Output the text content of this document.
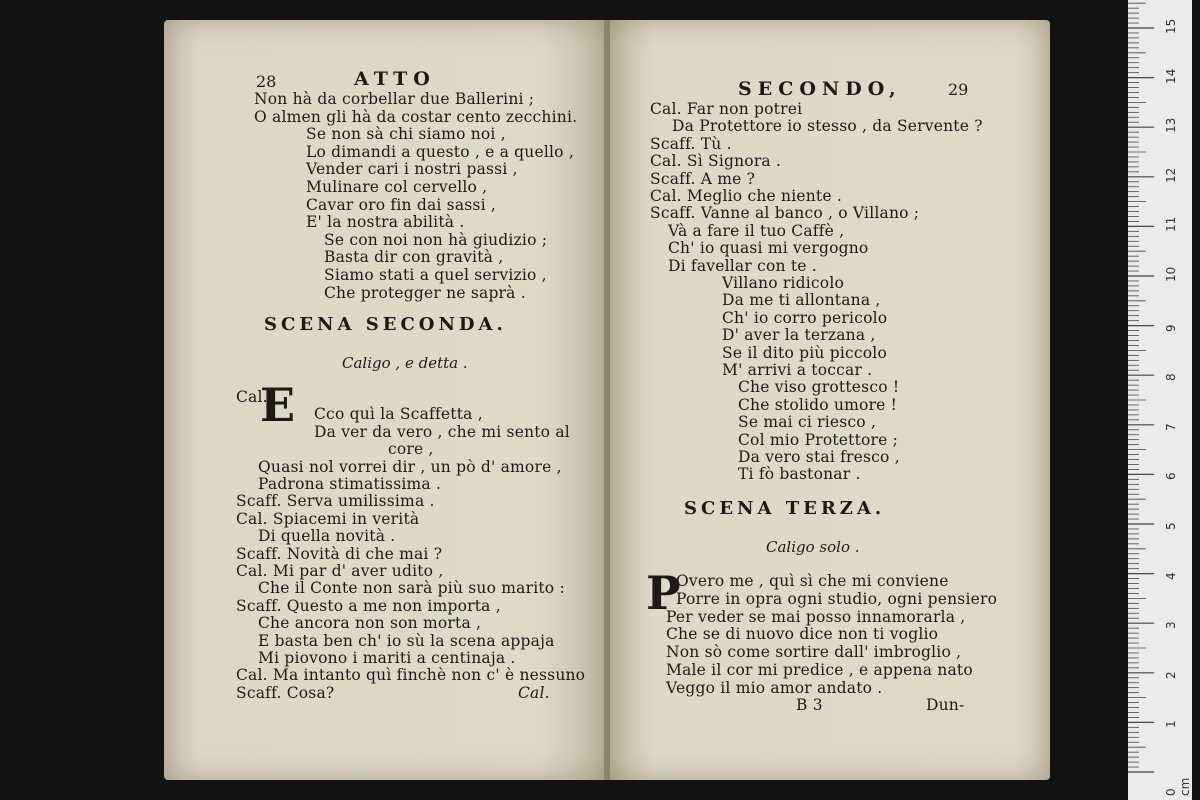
28	ATTO
Non hà da corbellar due Ballerini ;
O almen gli hà da costar cento zecchini.
Se non sà chi siamo noi ,
Lo dimandi a questo , e a quello ,
Vender cari i nostri passi ,
Mulinare col cervello ,
Cavar oro fin dai sassi ,
E' la nostra abilità .
Se con noi non hà giudizio ;
Basta dir con gravità ,
Siamo stati a quel servizio ,
Che protegger ne saprà .
SCENA SECONDA.
Caligo , e detta .
E
Cal.
Cco quì la Scaffetta ,
Da ver da vero , che mi sento al
core ,
Quasi nol vorrei dir , un pò d' amore ,
Padrona stimatissima .
Scaff. Serva umilissima .
Cal. Spiacemi in verità
Di quella novità .
Scaff. Novità di che mai ?
Cal. Mi par d' aver udito ,
Che il Conte non sarà più suo marito :
Scaff. Questo a me non importa ,
Che ancora non son morta ,
E basta ben ch' io sù la scena appaja
Mi piovono i mariti a centinaja .
Cal. Ma intanto quì finchè non c' è nessuno
Scaff. Cosa?	Cal.
SECONDO,	29
Cal. Far non potrei
Da Protettore io stesso , da Servente ?
Scaff. Tù .
Cal. Sì Signora .
Scaff. A me ?
Cal. Meglio che niente .
Scaff. Vanne al banco , o Villano ;
Và a fare il tuo Caffè ,
Ch' io quasi mi vergogno
Di favellar con te .
Villano ridicolo
Da me ti allontana ,
Ch' io corro pericolo
D' aver la terzana ,
Se il dito più piccolo
M' arrivi a toccar .
Che viso grottesco !
Che stolido umore !
Se mai ci riesco ,
Col mio Protettore ;
Da vero stai fresco ,
Ti fò bastonar .
SCENA TERZA.
Caligo solo .
P
Overo me , quì sì che mi conviene
Porre in opra ogni studio, ogni pensiero
Per veder se mai posso innamorarla ,
Che se di nuovo dice non ti voglio
Non sò come sortire dall' imbroglio ,
Male il cor mi predice , e appena nato
Veggo il mio amor andato .
B 3	Dun-
0 cm
1
2
3
4
5
6
7
8
9
10
11
12
13
14
15
